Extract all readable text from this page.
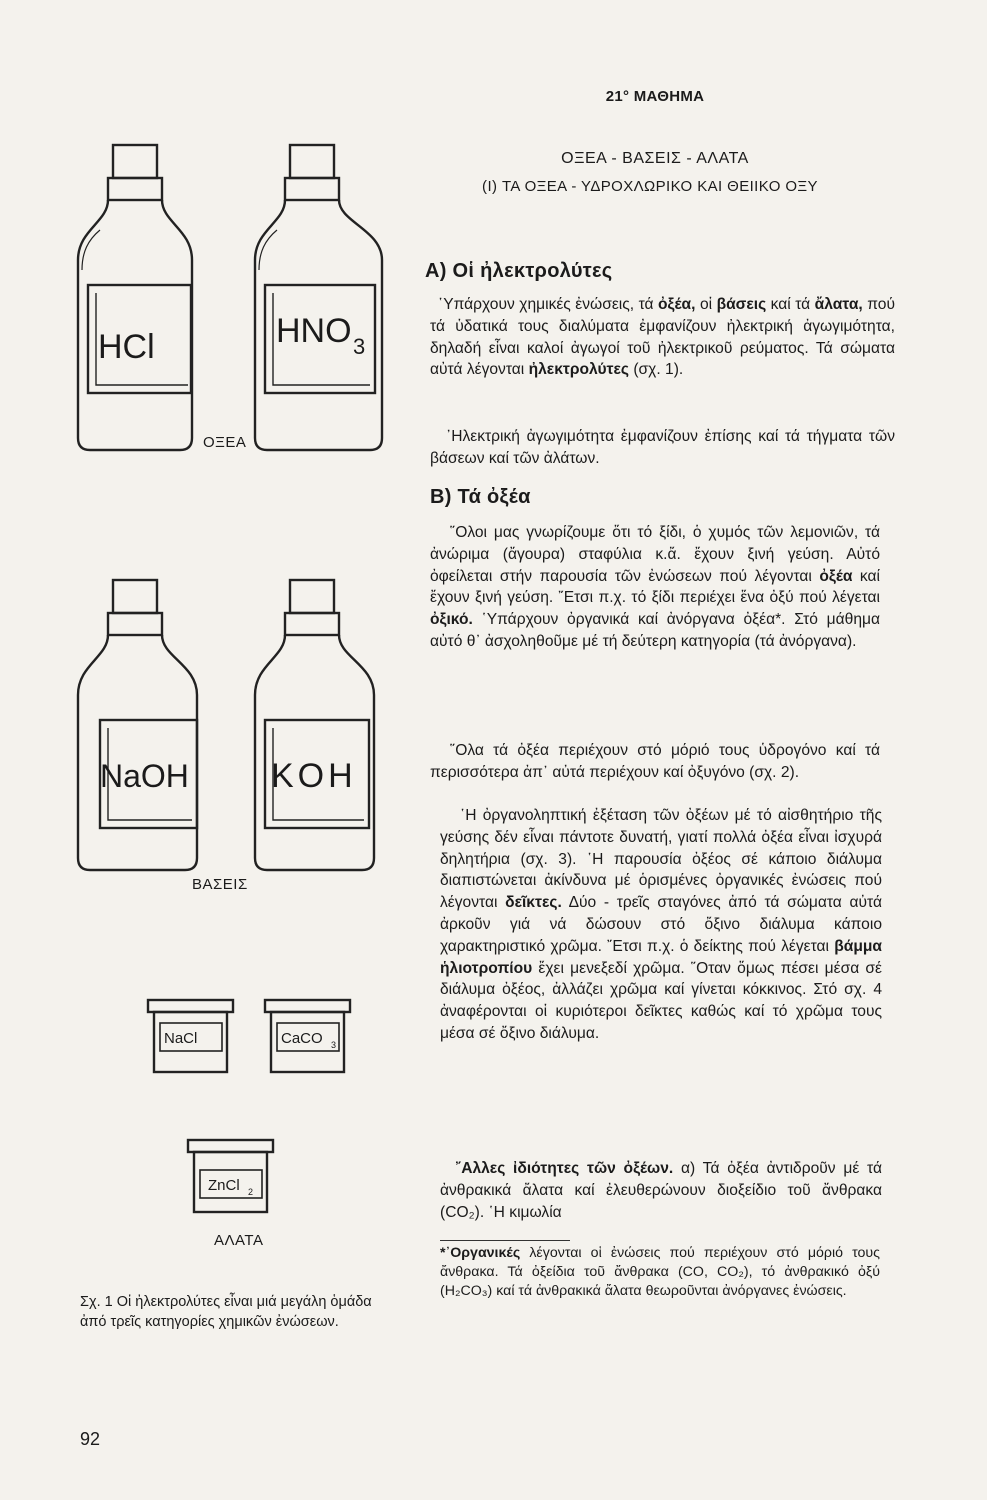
21° ΜΑΘΗΜΑ
ΟΞΕΑ - ΒΑΣΕΙΣ - ΑΛΑΤΑ
(I) ΤΑ ΟΞΕΑ - ΥΔΡΟΧΛΩΡΙΚΟ ΚΑΙ ΘΕΙΙΚΟ ΟΞΥ
HCl	HNO 3
NaOH KOH
NaCl	CaCO 3
ZnCl 2
ΟΞΕΑ
ΒΑΣΕΙΣ
ΑΛΑΤΑ
Σχ. 1 Οἱ ἠλεκτρολύτες εἶναι μιά μεγάλη ὁμάδα ἀπό τρεῖς κατηγορίες χημικῶν ἐνώσεων.
Α) Οἱ ἠλεκτρολύτες
῾Υπάρχουν χημικές ἐνώσεις, τά ὀξέα, οἱ βάσεις καί τά ἄλατα, πού τά ὑδατικά τους διαλύματα ἐμφανίζουν ἠλεκτρική ἀγωγιμότητα, δηλαδή εἶναι καλοί ἀγωγοί τοῦ ἠλεκτρικοῦ ρεύματος. Τά σώματα αὐτά λέγονται ἠλεκτρολύτες (σχ. 1).
᾿Ηλεκτρική ἀγωγιμότητα ἐμφανίζουν ἐπίσης καί τά τήγματα τῶν βάσεων καί τῶν ἀλάτων.
Β) Τά ὀξέα
῞Ολοι μας γνωρίζουμε ὅτι τό ξίδι, ὁ χυμός τῶν λεμονιῶν, τά ἀνώριμα (ἄγουρα) σταφύλια κ.ἄ. ἔχουν ξινή γεύση. Αὐτό ὀφείλεται στήν παρουσία τῶν ἐνώσεων πού λέγονται ὀξέα καί ἔχουν ξινή γεύση. ῎Ετσι π.χ. τό ξίδι περιέχει ἕνα ὀξύ πού λέγεται ὀξικό. ῾Υπάρχουν ὀργανικά καί ἀνόργανα ὀξέα*. Στό μάθημα αὐτό θ᾿ ἀσχοληθοῦμε μέ τή δεύτερη κατηγορία (τά ἀνόργανα).
῞Ολα τά ὀξέα περιέχουν στό μόριό τους ὑδρογόνο καί τά περισσότερα ἀπ᾿ αὐτά περιέχουν καί ὀξυγόνο (σχ. 2).
῾Η ὀργανοληπτική ἐξέταση τῶν ὀξέων μέ τό αἰσθητήριο τῆς γεύσης δέν εἶναι πάντοτε δυνατή, γιατί πολλά ὀξέα εἶναι ἰσχυρά δηλητήρια (σχ. 3). ῾Η παρουσία ὀξέος σέ κάποιο διάλυμα διαπιστώνεται ἀκίνδυνα μέ ὁρισμένες ὀργανικές ἐνώσεις πού λέγονται δεῖκτες. Δύο - τρεῖς σταγόνες ἀπό τά σώματα αὐτά ἀρκοῦν γιά νά δώσουν στό ὄξινο διάλυμα κάποιο χαρακτηριστικό χρῶμα. ῎Ετσι π.χ. ὁ δείκτης πού λέγεται βάμμα ἡλιοτροπίου ἔχει μενεξεδί χρῶμα. ῞Οταν ὅμως πέσει μέσα σέ διάλυμα ὀξέος, ἀλλάζει χρῶμα καί γίνεται κόκκινος. Στό σχ. 4 ἀναφέρονται οἱ κυριότεροι δεῖκτες καθώς καί τό χρῶμα τους μέσα σέ ὄξινο διάλυμα.
῎Αλλες ἰδιότητες τῶν ὀξέων. α) Τά ὀξέα ἀντιδροῦν μέ τά ἀνθρακικά ἄλατα καί ἐλευθερώνουν διοξείδιο τοῦ ἄνθρακα (CO₂). ῾Η κιμωλία
*᾿Οργανικές λέγονται οἱ ἐνώσεις πού περιέχουν στό μόριό τους ἄνθρακα. Τά ὀξείδια τοῦ ἄνθρακα (CO, CO₂), τό ἀνθρακικό ὀξύ (H₂CO₃) καί τά ἀνθρακικά ἄλατα θεωροῦνται ἀνόργανες ἐνώσεις.
92
